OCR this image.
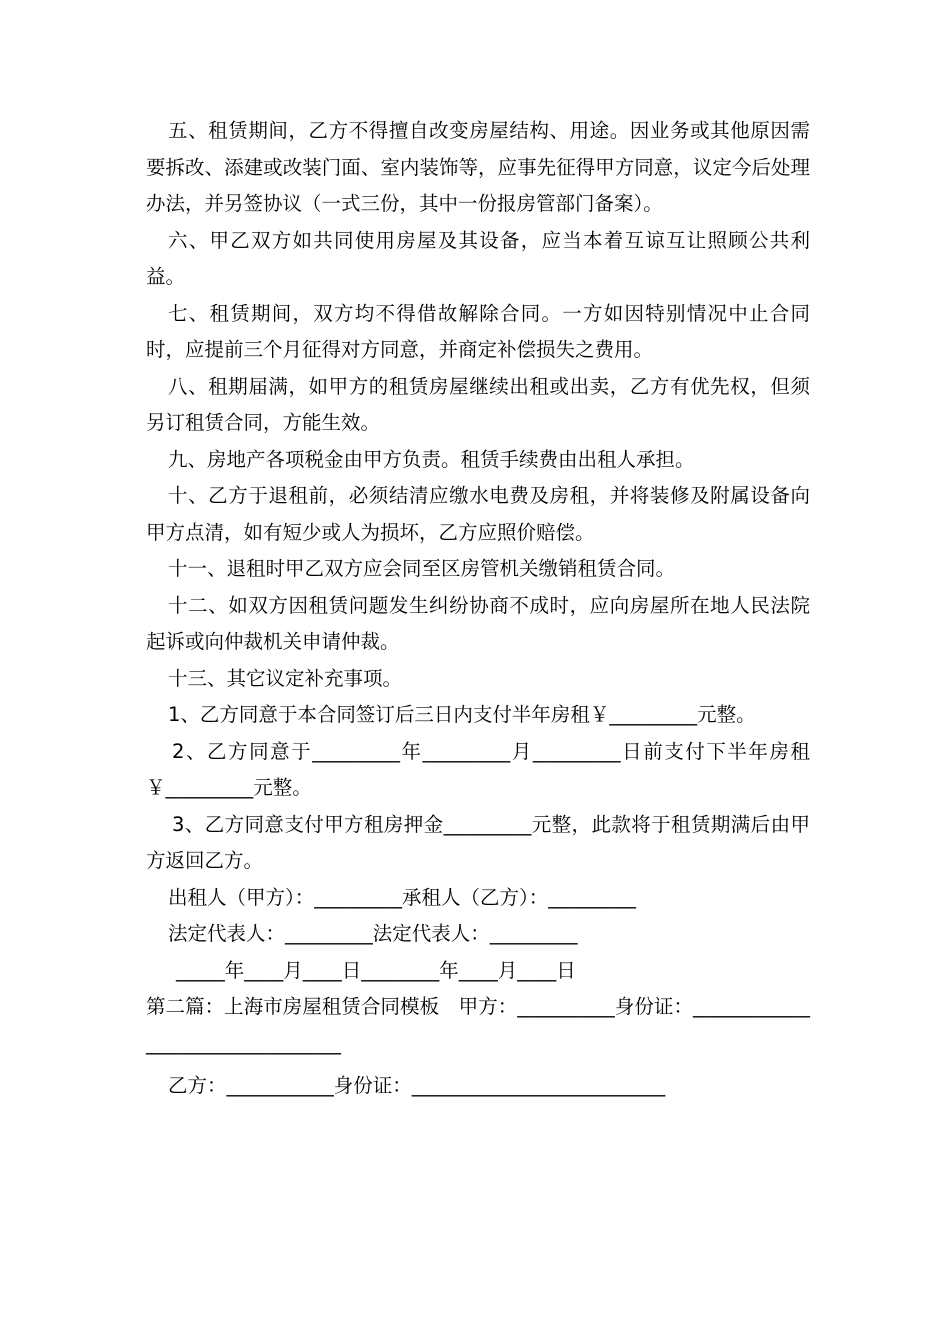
五、租赁期间，乙方不得擅自改变房屋结构、用途。因业务或其他原因需要拆改、添建或改装门面、室内装饰等，应事先征得甲方同意，议定今后处理办法，并另签协议（一式三份，其中一份报房管部门备案）。

六、甲乙双方如共同使用房屋及其设备，应当本着互谅互让照顾公共利益。

七、租赁期间，双方均不得借故解除合同。一方如因特别情况中止合同时，应提前三个月征得对方同意，并商定补偿损失之费用。

八、租期届满，如甲方的租赁房屋继续出租或出卖，乙方有优先权，但须另订租赁合同，方能生效。

九、房地产各项税金由甲方负责。租赁手续费由出租人承担。

十、乙方于退租前，必须结清应缴水电费及房租，并将装修及附属设备向甲方点清，如有短少或人为损坏，乙方应照价赔偿。

十一、退租时甲乙双方应会同至区房管机关缴销租赁合同。

十二、如双方因租赁问题发生纠纷协商不成时，应向房屋所在地人民法院起诉或向仲裁机关申请仲裁。

十三、其它议定补充事项。

1、乙方同意于本合同签订后三日内支付半年房租￥_________元整。

2、乙方同意于_________年_________月_________日前支付下半年房租￥_________元整。

3、乙方同意支付甲方租房押金_________元整，此款将于租赁期满后由甲方返回乙方。

出租人（甲方）：_________承租人（乙方）：_________

法定代表人：_________法定代表人：_________

_____年____月____日________年____月____日

第二篇：上海市房屋租赁合同模板　甲方：__________身份证：________________________________

乙方：___________身份证：__________________________
